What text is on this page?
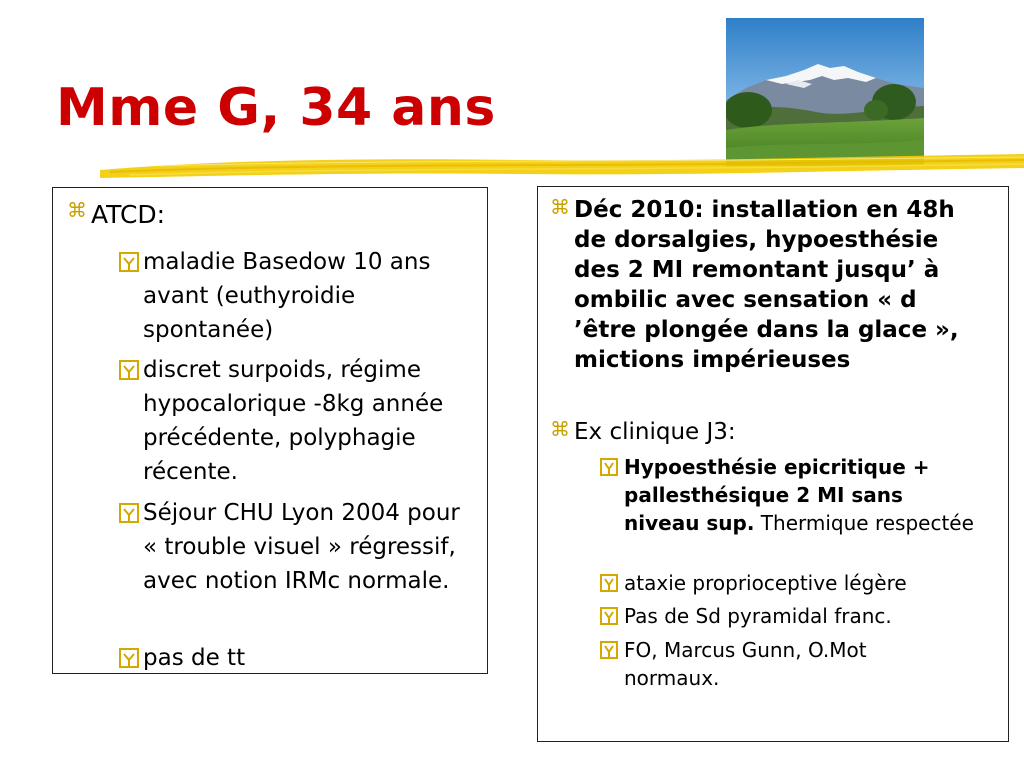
Mme G, 34 ans
⌘ ATCD:
maladie Basedow 10 ans avant (euthyroidie spontanée)
discret surpoids, régime hypocalorique -8kg année précédente, polyphagie récente.
Séjour CHU Lyon 2004 pour « trouble visuel » régressif, avec notion IRMc normale.
pas de tt
⌘ Déc 2010: installation en 48h de dorsalgies, hypoesthésie des 2 MI remontant jusqu’ à ombilic avec sensation « d ’être plongée dans la glace », mictions impérieuses
⌘ Ex clinique J3:
Hypoesthésie epicritique + pallesthésique 2 MI sans niveau sup. Thermique respectée
ataxie proprioceptive légère
Pas de Sd pyramidal franc.
FO, Marcus Gunn, O.Mot normaux.
